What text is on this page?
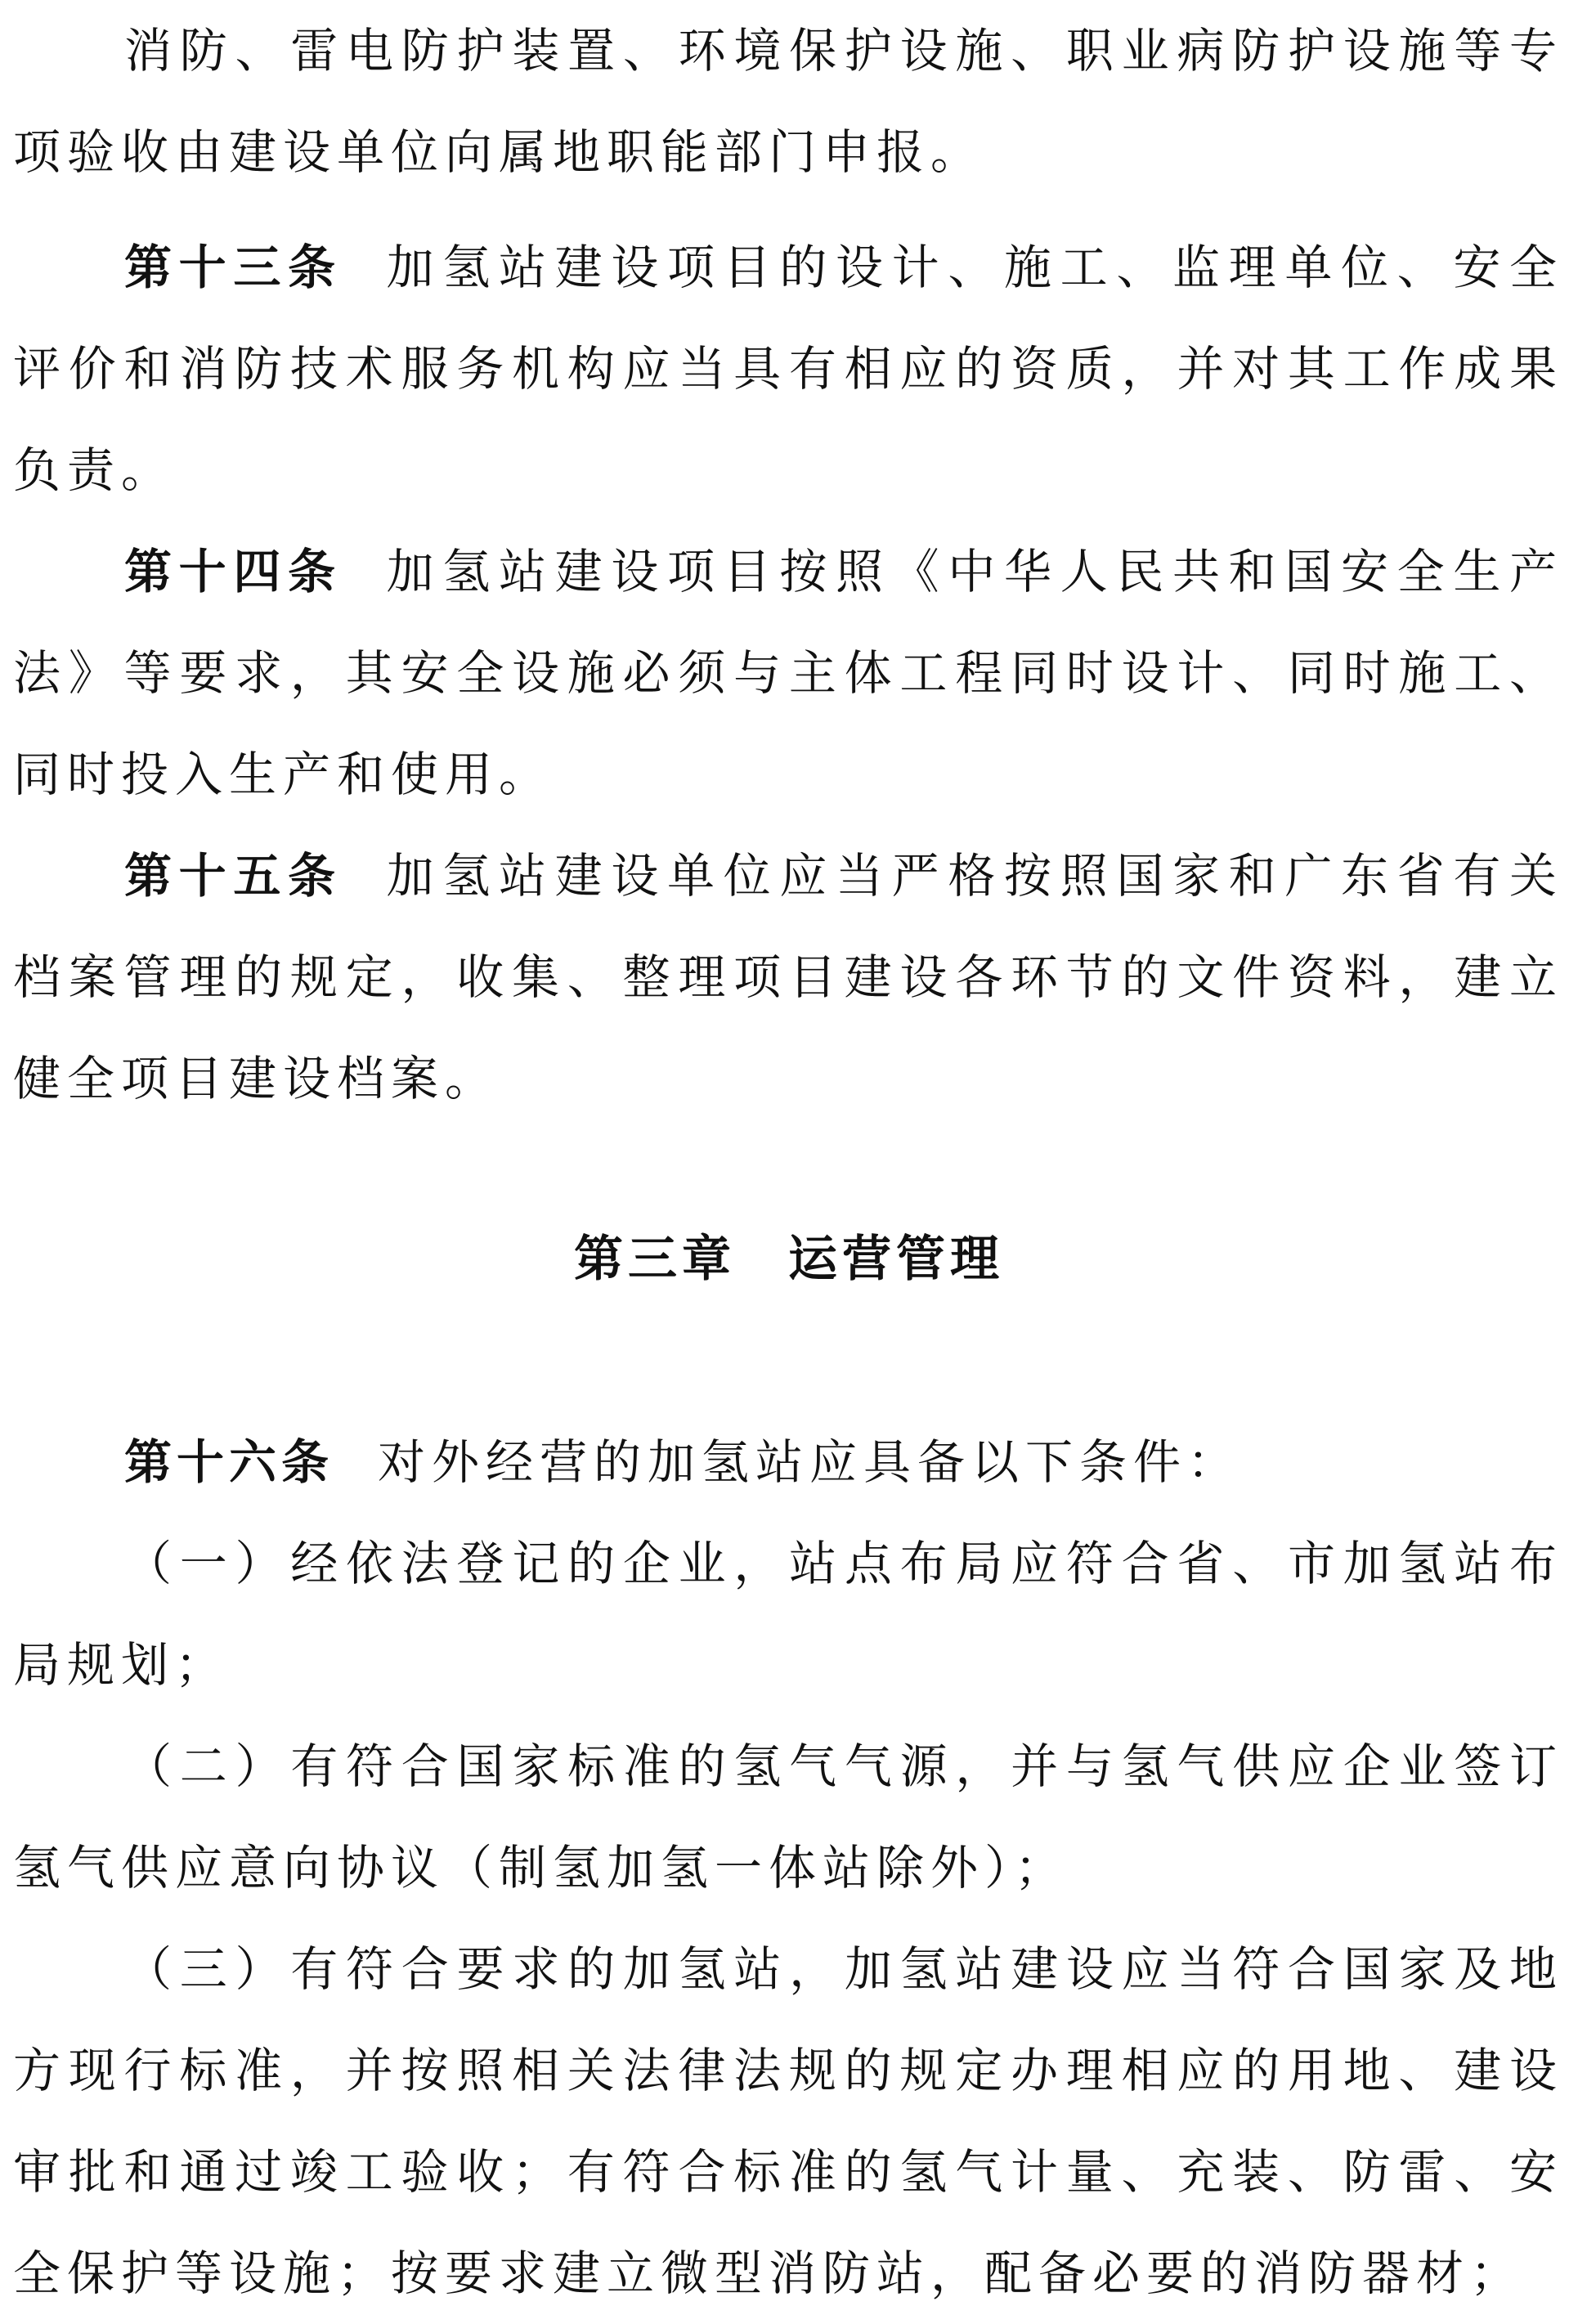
消防、雷电防护装置、环境保护设施、职业病防护设施等专项验收由建设单位向属地职能部门申报。

第十三条 加氢站建设项目的设计、施工、监理单位、安全评价和消防技术服务机构应当具有相应的资质，并对其工作成果负责。

第十四条 加氢站建设项目按照《中华人民共和国安全生产法》等要求，其安全设施必须与主体工程同时设计、同时施工、同时投入生产和使用。

第十五条 加氢站建设单位应当严格按照国家和广东省有关档案管理的规定，收集、整理项目建设各环节的文件资料，建立健全项目建设档案。

第三章 运营管理

第十六条 对外经营的加氢站应具备以下条件：

（一）经依法登记的企业，站点布局应符合省、市加氢站布局规划；

（二）有符合国家标准的氢气气源，并与氢气供应企业签订氢气供应意向协议（制氢加氢一体站除外）；

（三）有符合要求的加氢站，加氢站建设应当符合国家及地方现行标准，并按照相关法律法规的规定办理相应的用地、建设审批和通过竣工验收；有符合标准的氢气计量、充装、防雷、安全保护等设施；按要求建立微型消防站，配备必要的消防器材；
